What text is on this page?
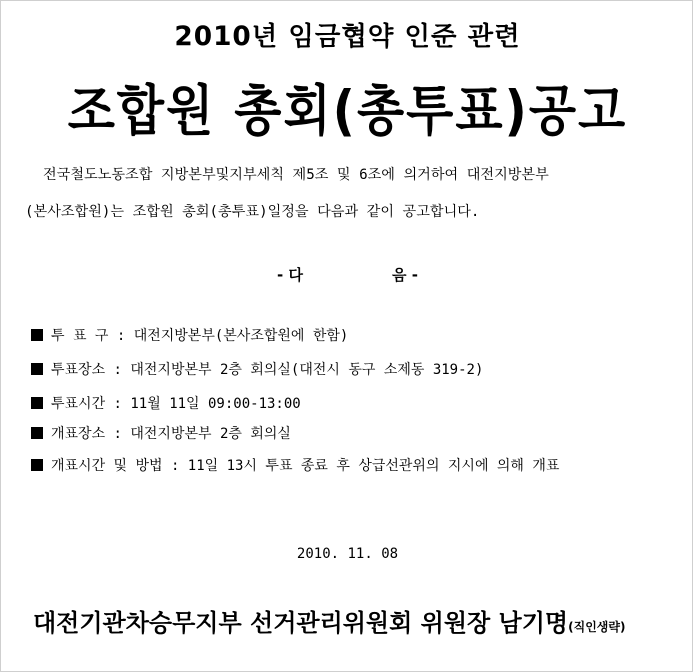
2010년 임금협약 인준 관련
조합원 총회(총투표)공고
전국철도노동조합 지방본부및지부세칙 제5조 및 6조에 의거하여 대전지방본부
(본사조합원)는 조합원 총회(총투표)일정을 다음과 같이 공고합니다.
- 다	음 -
투 표 구 : 대전지방본부(본사조합원에 한함)
투표장소 : 대전지방본부 2층 회의실(대전시 동구 소제동 319-2)
투표시간 : 11월 11일 09:00-13:00
개표장소 : 대전지방본부 2층 회의실
개표시간 및 방법 : 11일 13시 투표 종료 후 상급선관위의 지시에 의해 개표
2010. 11. 08
대전기관차승무지부 선거관리위원회 위원장 남기명(직인생략)
